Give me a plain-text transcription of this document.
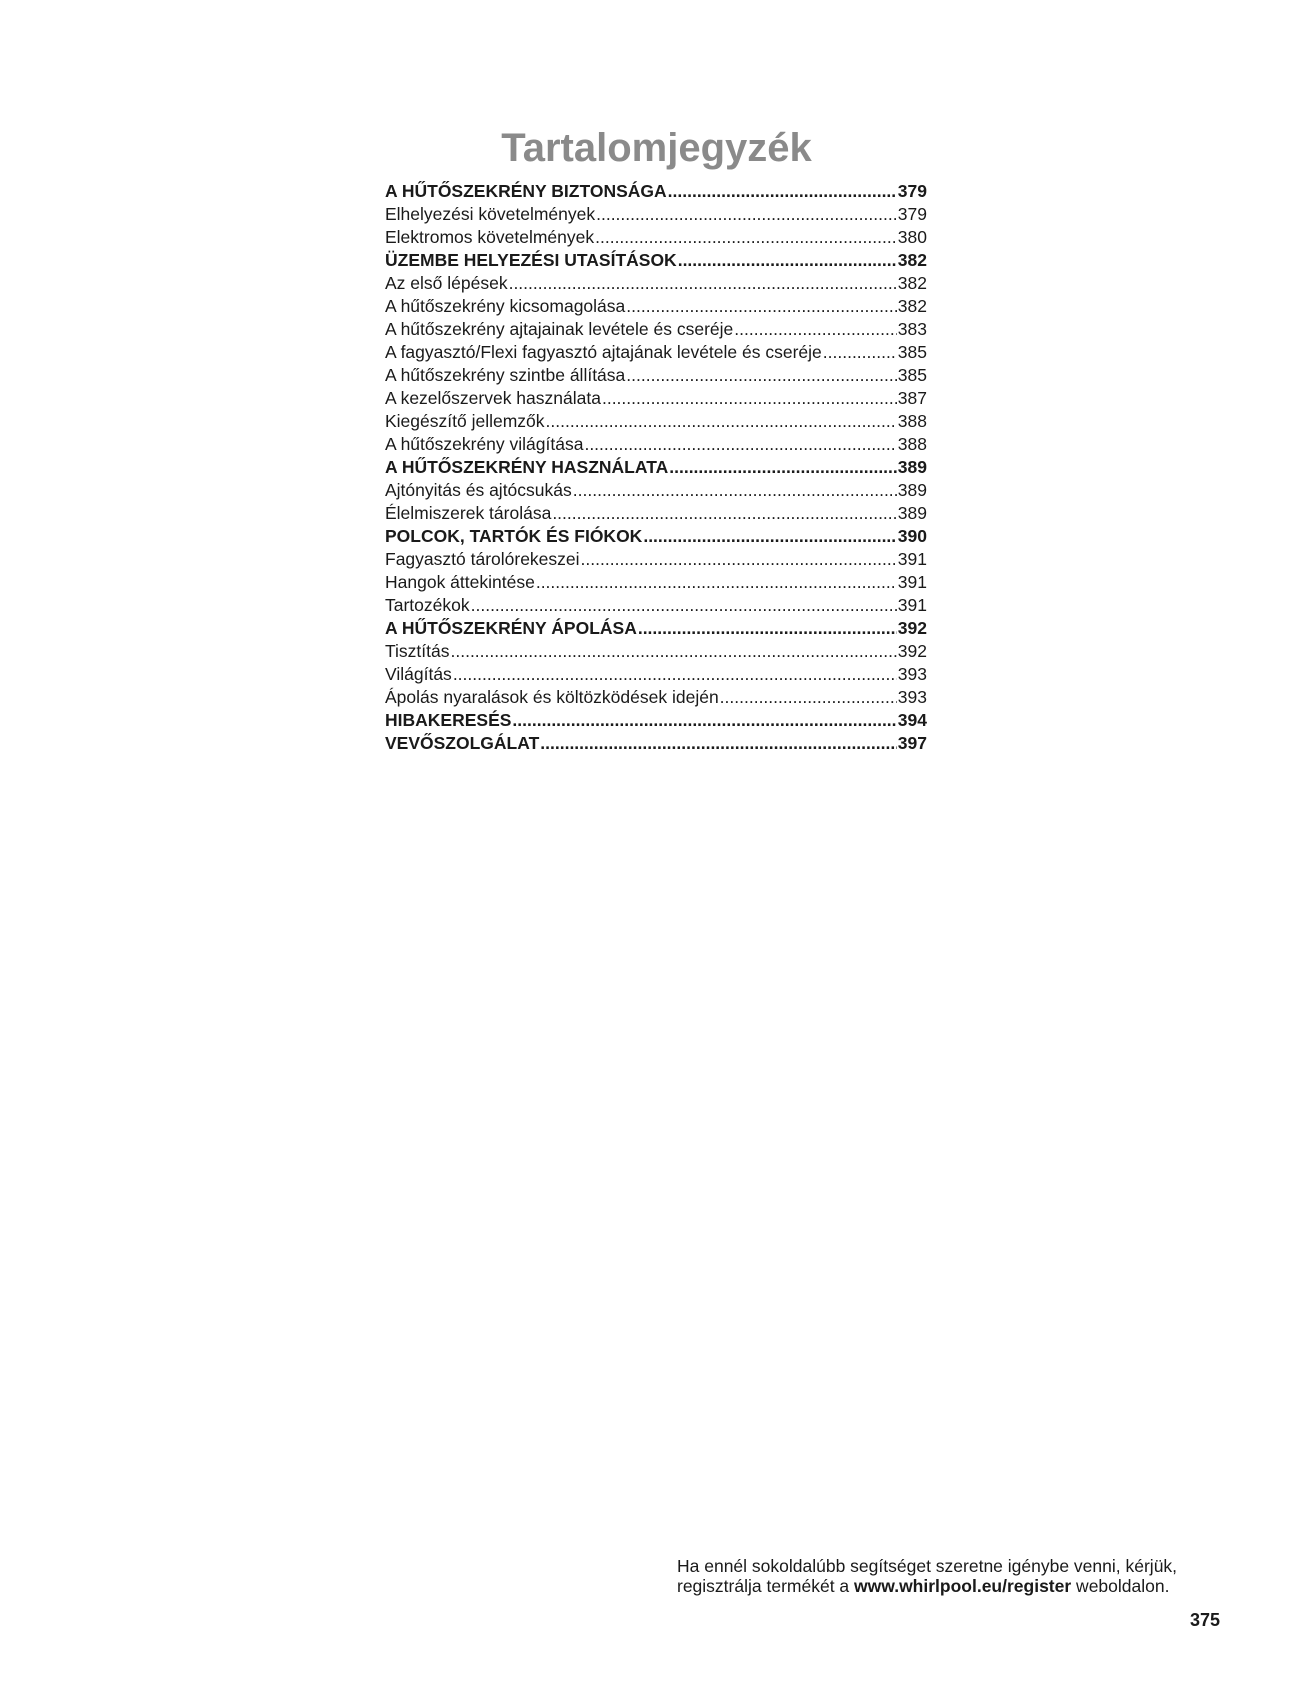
Tartalomjegyzék
A HŰTŐSZEKRÉNY BIZTONSÁGA .....	379
Elhelyezési követelmények .....	379
Elektromos követelmények .....	380
ÜZEMBE HELYEZÉSI UTASÍTÁSOK .....	382
Az első lépések .....	382
A hűtőszekrény kicsomagolása .....	382
A hűtőszekrény ajtajainak levétele és cseréje .....	383
A fagyasztó/Flexi fagyasztó ajtajának levétele és cseréje .....	385
A hűtőszekrény szintbe állítása .....	385
A kezelőszervek használata .....	387
Kiegészítő jellemzők .....	388
A hűtőszekrény világítása .....	388
A HŰTŐSZEKRÉNY HASZNÁLATA .....	389
Ajtónyitás és ajtócsukás .....	389
Élelmiszerek tárolása .....	389
POLCOK, TARTÓK ÉS FIÓKOK .....	390
Fagyasztó tárolórekeszei .....	391
Hangok áttekintése .....	391
Tartozékok .....	391
A HŰTŐSZEKRÉNY ÁPOLÁSA .....	392
Tisztítás .....	392
Világítás .....	393
Ápolás nyaralások és költözködések idején .....	393
HIBAKERESÉS .....	394
VEVŐSZOLGÁLAT .....	397
Ha ennél sokoldalúbb segítséget szeretne igénybe venni, kérjük,
regisztrálja termékét a www.whirlpool.eu/register weboldalon.
375
